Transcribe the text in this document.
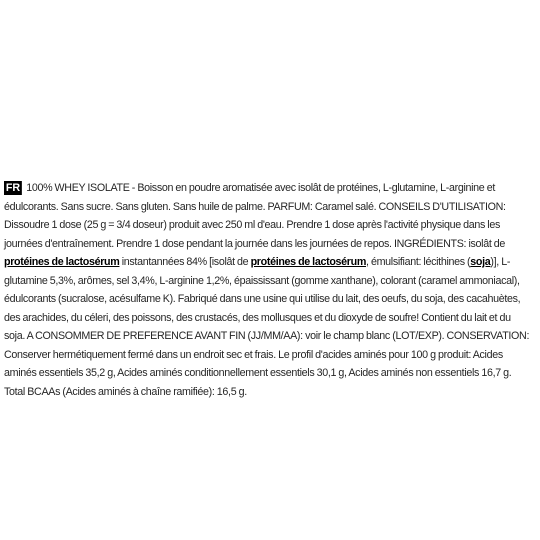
FR 100% WHEY ISOLATE - Boisson en poudre aromatisée avec isolât de protéines, L-glutamine, L-arginine et édulcorants. Sans sucre. Sans gluten. Sans huile de palme. PARFUM: Caramel salé. CONSEILS D'UTILISATION: Dissoudre 1 dose (25 g = 3/4 doseur) produit avec 250 ml d'eau. Prendre 1 dose après l'activité physique dans les journées d'entraînement. Prendre 1 dose pendant la journée dans les journées de repos. INGRÉDIENTS: isolât de protéines de lactosérum instantannées 84% [isolât de protéines de lactosérum, émulsifiant: lécithines (soja)], L-glutamine 5,3%, arômes, sel 3,4%, L-arginine 1,2%, épaississant (gomme xanthane), colorant (caramel ammoniacal), édulcorants (sucralose, acésulfame K). Fabriqué dans une usine qui utilise du lait, des oeufs, du soja, des cacahuètes, des arachides, du céleri, des poissons, des crustacés, des mollusques et du dioxyde de soufre! Contient du lait et du soja. A CONSOMMER DE PREFERENCE AVANT FIN (JJ/MM/AA): voir le champ blanc (LOT/EXP). CONSERVATION: Conserver hermétiquement fermé dans un endroit sec et frais. Le profil d'acides aminés pour 100 g produit: Acides aminés essentiels 35,2 g, Acides aminés conditionnellement essentiels 30,1 g, Acides aminés non essentiels 16,7 g. Total BCAAs (Acides aminés à chaîne ramifiée): 16,5 g.
